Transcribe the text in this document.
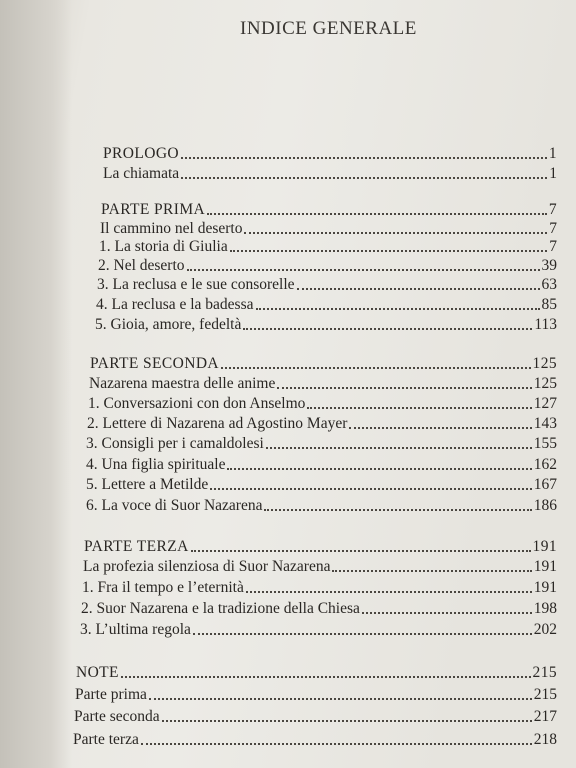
INDICE GENERALE
PROLOGO	1
La chiamata	1
PARTE PRIMA	7
Il cammino nel deserto	7
1. La storia di Giulia	7
2. Nel deserto	39
3. La reclusa e le sue consorelle	63
4. La reclusa e la badessa	85
5. Gioia, amore, fedeltà	113
PARTE SECONDA	125
Nazarena maestra delle anime	125
1. Conversazioni con don Anselmo	127
2. Lettere di Nazarena ad Agostino Mayer	143
3. Consigli per i camaldolesi	155
4. Una figlia spirituale	162
5. Lettere a Metilde	167
6. La voce di Suor Nazarena	186
PARTE TERZA	191
La profezia silenziosa di Suor Nazarena	191
1. Fra il tempo e l’eternità	191
2. Suor Nazarena e la tradizione della Chiesa	198
3. L’ultima regola	202
NOTE	215
Parte prima	215
Parte seconda	217
Parte terza	218
